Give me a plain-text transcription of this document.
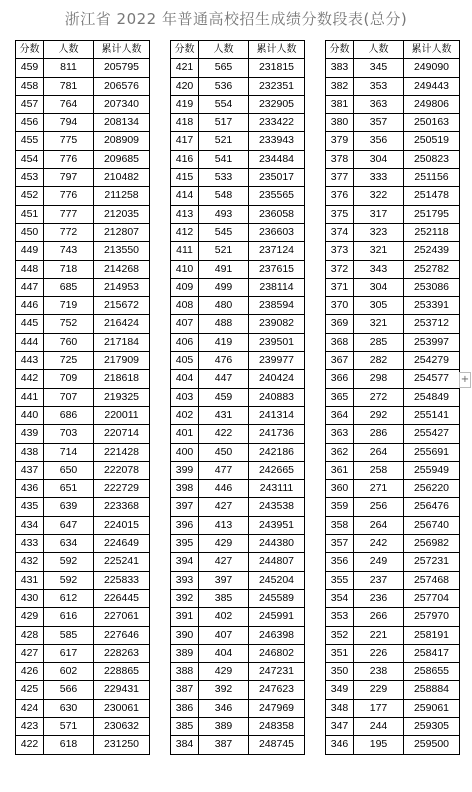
浙江省 2022 年普通高校招生成绩分数段表(总分)
分数	人数	累计人数
459	811	205795
458	781	206576
457	764	207340
456	794	208134
455	775	208909
454	776	209685
453	797	210482
452	776	211258
451	777	212035
450	772	212807
449	743	213550
448	718	214268
447	685	214953
446	719	215672
445	752	216424
444	760	217184
443	725	217909
442	709	218618
441	707	219325
440	686	220011
439	703	220714
438	714	221428
437	650	222078
436	651	222729
435	639	223368
434	647	224015
433	634	224649
432	592	225241
431	592	225833
430	612	226445
429	616	227061
428	585	227646
427	617	228263
426	602	228865
425	566	229431
424	630	230061
423	571	230632
422	618	231250
分数	人数	累计人数
421	565	231815
420	536	232351
419	554	232905
418	517	233422
417	521	233943
416	541	234484
415	533	235017
414	548	235565
413	493	236058
412	545	236603
411	521	237124
410	491	237615
409	499	238114
408	480	238594
407	488	239082
406	419	239501
405	476	239977
404	447	240424
403	459	240883
402	431	241314
401	422	241736
400	450	242186
399	477	242665
398	446	243111
397	427	243538
396	413	243951
395	429	244380
394	427	244807
393	397	245204
392	385	245589
391	402	245991
390	407	246398
389	404	246802
388	429	247231
387	392	247623
386	346	247969
385	389	248358
384	387	248745
分数	人数	累计人数
383	345	249090
382	353	249443
381	363	249806
380	357	250163
379	356	250519
378	304	250823
377	333	251156
376	322	251478
375	317	251795
374	323	252118
373	321	252439
372	343	252782
371	304	253086
370	305	253391
369	321	253712
368	285	253997
367	282	254279
366	298	254577
365	272	254849
364	292	255141
363	286	255427
362	264	255691
361	258	255949
360	271	256220
359	256	256476
358	264	256740
357	242	256982
356	249	257231
355	237	257468
354	236	257704
353	266	257970
352	221	258191
351	226	258417
350	238	258655
349	229	258884
348	177	259061
347	244	259305
346	195	259500
+
